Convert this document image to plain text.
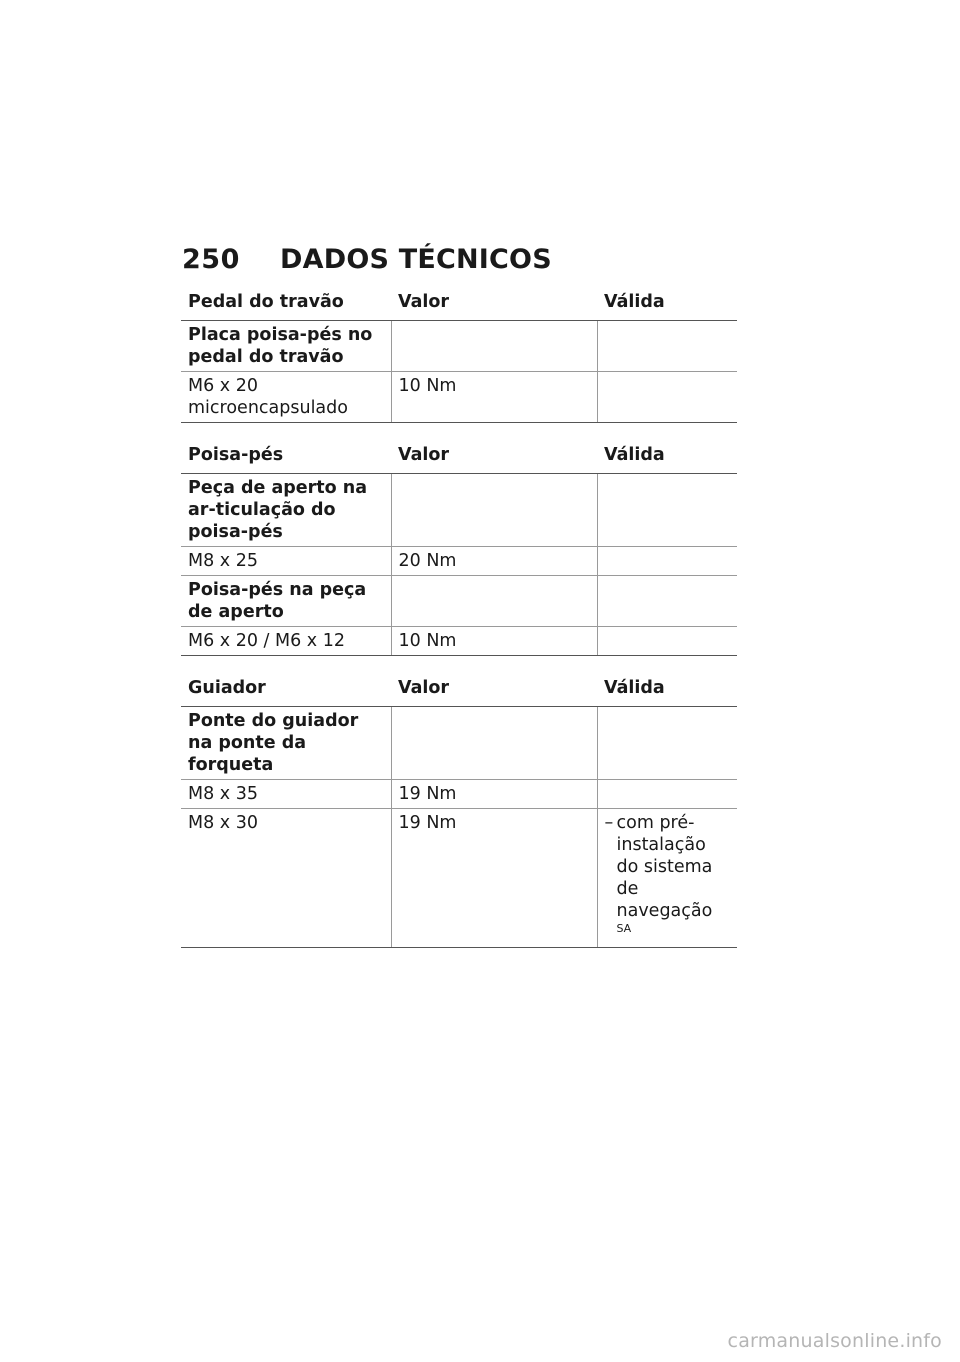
250	DADOS TÉCNICOS
Pedal do travão	Valor	Válida
Placa poisa-pés no pedal do travão		
M6 x 20 microencapsulado	10 Nm	
Poisa-pés	Valor	Válida
Peça de aperto na ar-ticulação do poisa-pés		
M8 x 25	20 Nm	
Poisa-pés na peça de aperto		
M6 x 20 / M6 x 12	10 Nm	
Guiador	Valor	Válida
Ponte do guiador na ponte da forqueta		
M8 x 35	19 Nm	
M8 x 30	19 Nm	– com pré-instalação do sistema de navegação $^{SA}$
carmanualsonline.info
